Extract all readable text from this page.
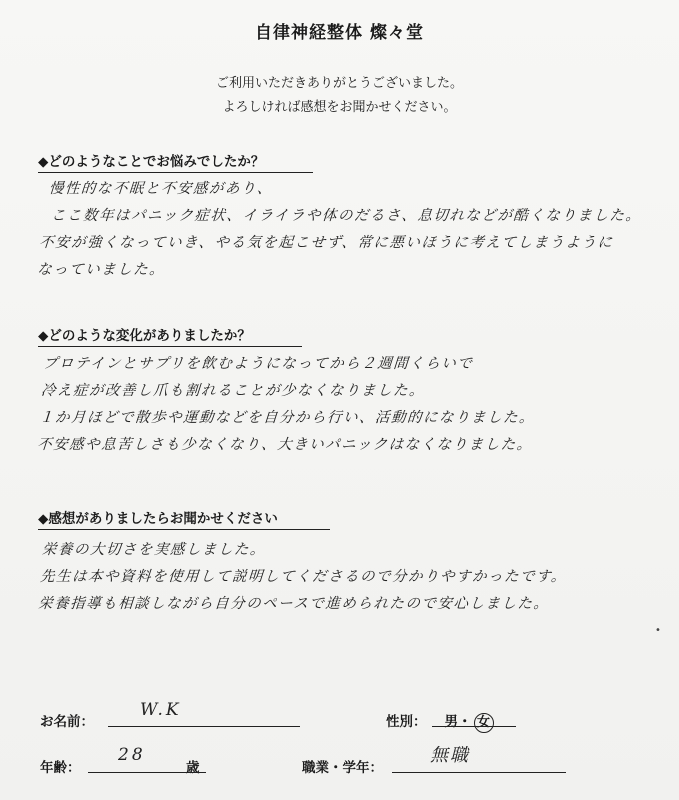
自律神経整体 燦々堂
ご利用いただきありがとうございました。
よろしければ感想をお聞かせください。
◆どのようなことでお悩みでしたか？
慢性的な不眠と不安感があり、
ここ数年はパニック症状、イライラや体のだるさ、息切れなどが酷くなりました。
不安が強くなっていき、やる気を起こせず、常に悪いほうに考えてしまうように
なっていました。
◆どのような変化がありましたか？
プロテインとサプリを飲むようになってから２週間くらいで
冷え症が改善し爪も割れることが少なくなりました。
１か月ほどで散歩や運動などを自分から行い、活動的になりました。
不安感や息苦しさも少なくなり、大きいパニックはなくなりました。
◆感想がありましたらお聞かせください
栄養の大切さを実感しました。
先生は本や資料を使用して説明してくださるので分かりやすかったです。
栄養指導も相談しながら自分のペースで進められたので安心しました。
•
お名前：
W.K
性別： 男・ 女
年齢：
28
歳	職業・学年：
無職
